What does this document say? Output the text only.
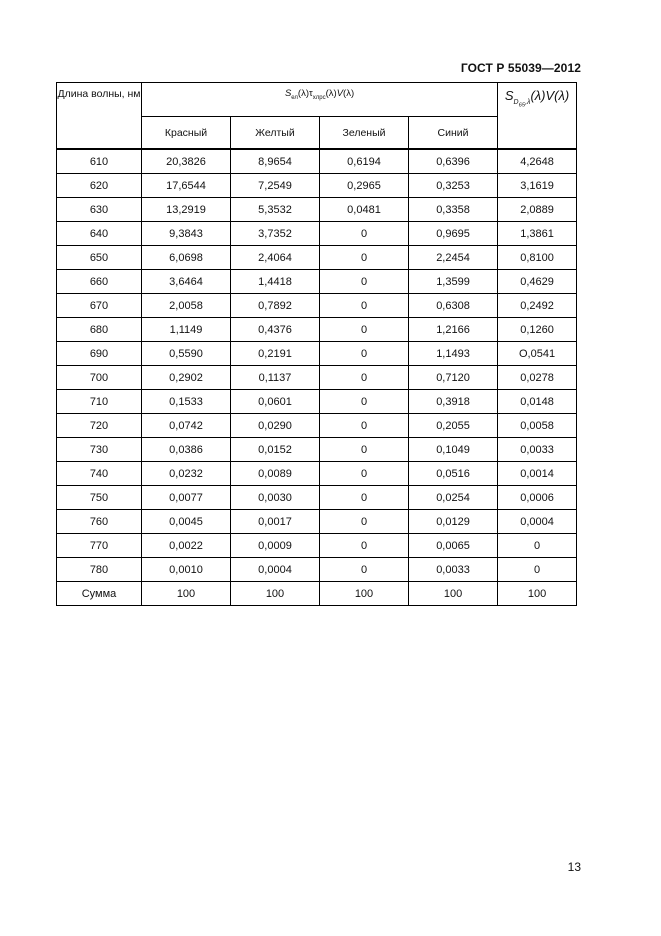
ГОСТ Р 55039—2012
Длина волны, нм	$S_{ел}(\lambda)\tau_{хлрс}(\lambda)V(\lambda)$				$S_{D_{65},\lambda}(\lambda)V(\lambda)$
	Красный	Желтый	Зеленый	Синий	
610	20,3826	8,9654	0,6194	0,6396	4,2648
620	17,6544	7,2549	0,2965	0,3253	3,1619
630	13,2919	5,3532	0,0481	0,3358	2,0889
640	9,3843	3,7352	0	0,9695	1,3861
650	6,0698	2,4064	0	2,2454	0,8100
660	3,6464	1,4418	0	1,3599	0,4629
670	2,0058	0,7892	0	0,6308	0,2492
680	1,1149	0,4376	0	1,2166	0,1260
690	0,5590	0,2191	0	1,1493	О,0541
700	0,2902	0,1137	0	0,7120	0,0278
710	0,1533	0,0601	0	0,3918	0,0148
720	0,0742	0,0290	0	0,2055	0,0058
730	0,0386	0,0152	0	0,1049	0,0033
740	0,0232	0,0089	0	0,0516	0,0014
750	0,0077	0,0030	0	0,0254	0,0006
760	0,0045	0,0017	0	0,0129	0,0004
770	0,0022	0,0009	0	0,0065	0
780	0,0010	0,0004	0	0,0033	0
Сумма	100	100	100	100	100
13
